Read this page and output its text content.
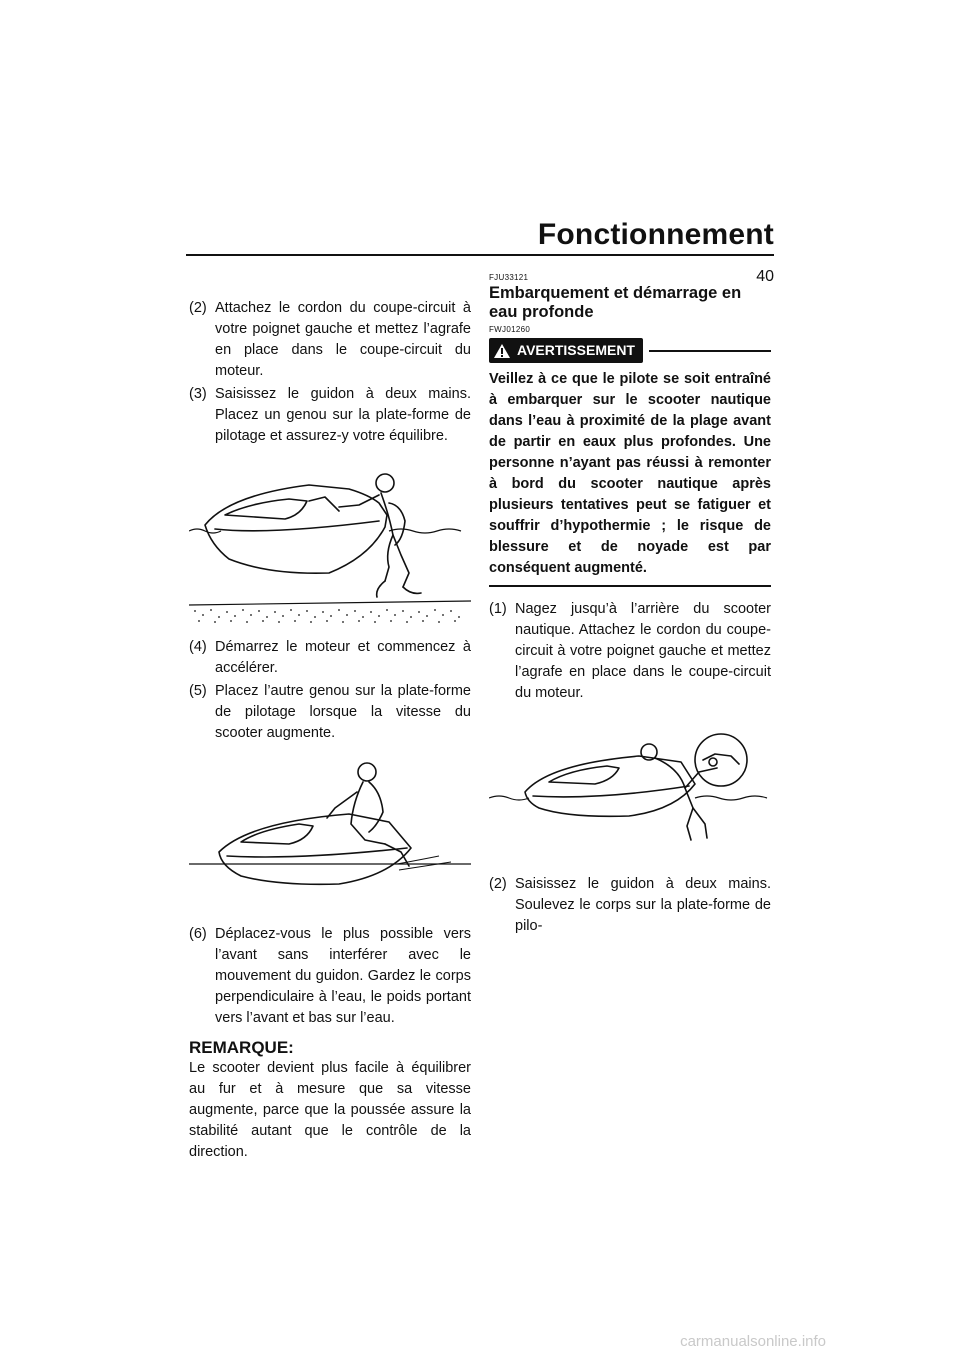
Fonctionnement
40
(2) Attachez le cordon du coupe-circuit à votre poignet gauche et mettez l’agrafe en place dans le coupe-circuit du moteur.
(3) Saisissez le guidon à deux mains. Placez un genou sur la plate-forme de pilotage et assurez-y votre équilibre.
(4) Démarrez le moteur et commencez à accélérer.
(5) Placez l’autre genou sur la plate-forme de pilotage lorsque la vitesse du scooter augmente.
(6) Déplacez-vous le plus possible vers l’avant sans interférer avec le mouvement du guidon. Gardez le corps perpendiculaire à l’eau, le poids portant vers l’avant et bas sur l’eau.
REMARQUE:
Le scooter devient plus facile à équilibrer au fur et à mesure que sa vitesse augmente, parce que la poussée assure la stabilité autant que le contrôle de la direction.
FJU33121
Embarquement et démarrage en eau profonde
FWJ01260
AVERTISSEMENT
Veillez à ce que le pilote se soit entraîné à embarquer sur le scooter nautique dans l’eau à proximité de la plage avant de partir en eaux plus profondes. Une personne n’ayant pas réussi à remonter à bord du scooter nautique après plusieurs tentatives peut se fatiguer et souffrir d’hypothermie ; le risque de blessure et de noyade est par conséquent augmenté.
(1) Nagez jusqu’à l’arrière du scooter nautique. Attachez le cordon du coupe-circuit à votre poignet gauche et mettez l’agrafe en place dans le coupe-circuit du moteur.
(2) Saisissez le guidon à deux mains. Soulevez le corps sur la plate-forme de pilo-
carmanualsonline.info
